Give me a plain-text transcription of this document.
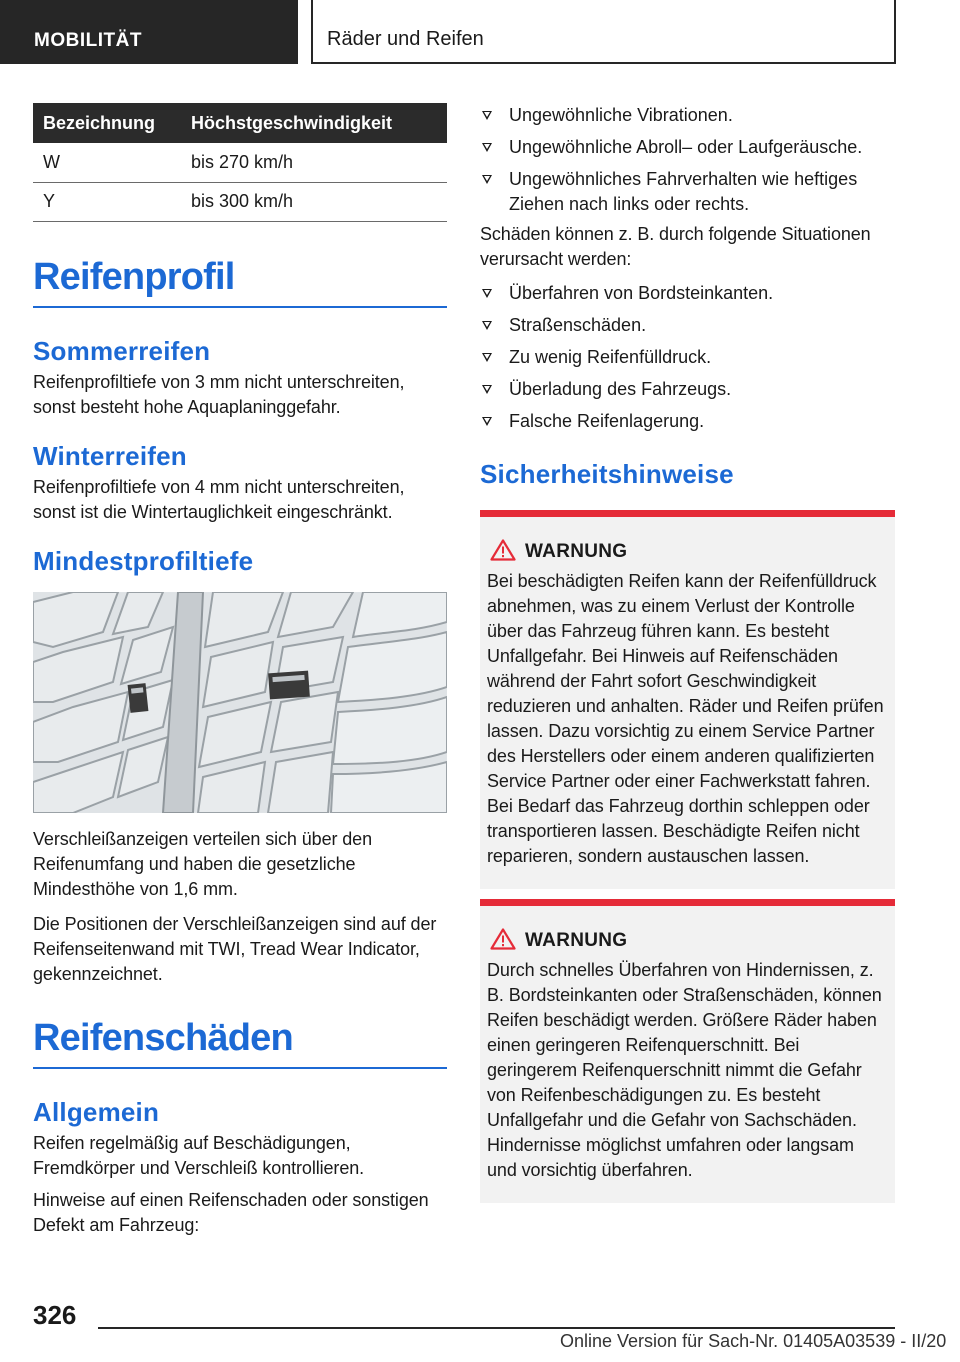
MOBILITÄT	Räder und Reifen
Bezeichnung	Höchstgeschwindigkeit
W	bis 270 km/h
Y	bis 300 km/h
Reifenprofil
Sommerreifen

Reifenprofiltiefe von 3 mm nicht unterschreiten, sonst besteht hohe Aquaplaninggefahr.

Winterreifen

Reifenprofiltiefe von 4 mm nicht unterschreiten, sonst ist die Wintertauglichkeit eingeschränkt.

Mindestprofiltiefe

Verschleißanzeigen verteilen sich über den Reifenumfang und haben die gesetzliche Mindesthöhe von 1,6 mm.

Die Positionen der Verschleißanzeigen sind auf der Reifenseitenwand mit TWI, Tread Wear Indicator, gekennzeichnet.

Reifenschäden
Allgemein

Reifen regelmäßig auf Beschädigungen, Fremdkörper und Verschleiß kontrollieren.

Hinweise auf einen Reifenschaden oder sonstigen Defekt am Fahrzeug:

Ungewöhnliche Vibrationen.
Ungewöhnliche Abroll– oder Laufgeräusche.
Ungewöhnliches Fahrverhalten wie heftiges Ziehen nach links oder rechts.

Schäden können z. B. durch folgende Situationen verursacht werden:

Überfahren von Bordsteinkanten.
Straßenschäden.
Zu wenig Reifenfülldruck.
Überladung des Fahrzeugs.
Falsche Reifenlagerung.
Sicherheitshinweise
WARNUNG

Bei beschädigten Reifen kann der Reifenfülldruck abnehmen, was zu einem Verlust der Kontrolle über das Fahrzeug führen kann. Es besteht Unfallgefahr. Bei Hinweis auf Reifenschäden während der Fahrt sofort Geschwindigkeit reduzieren und anhalten. Räder und Reifen prüfen lassen. Dazu vorsichtig zu einem Service Partner des Herstellers oder einem anderen qualifizierten Service Partner oder einer Fachwerkstatt fahren. Bei Bedarf das Fahrzeug dorthin schleppen oder transportieren lassen. Beschädigte Reifen nicht reparieren, sondern austauschen lassen.

WARNUNG

Durch schnelles Überfahren von Hindernissen, z. B. Bordsteinkanten oder Straßenschäden, können Reifen beschädigt werden. Größere Räder haben einen geringeren Reifenquerschnitt. Bei geringerem Reifenquerschnitt nimmt die Gefahr von Reifenbeschädigungen zu. Es besteht Unfallgefahr und die Gefahr von Sachschäden. Hindernisse möglichst umfahren oder langsam und vorsichtig überfahren.

326
Online Version für Sach-Nr. 01405A03539 - II/20
